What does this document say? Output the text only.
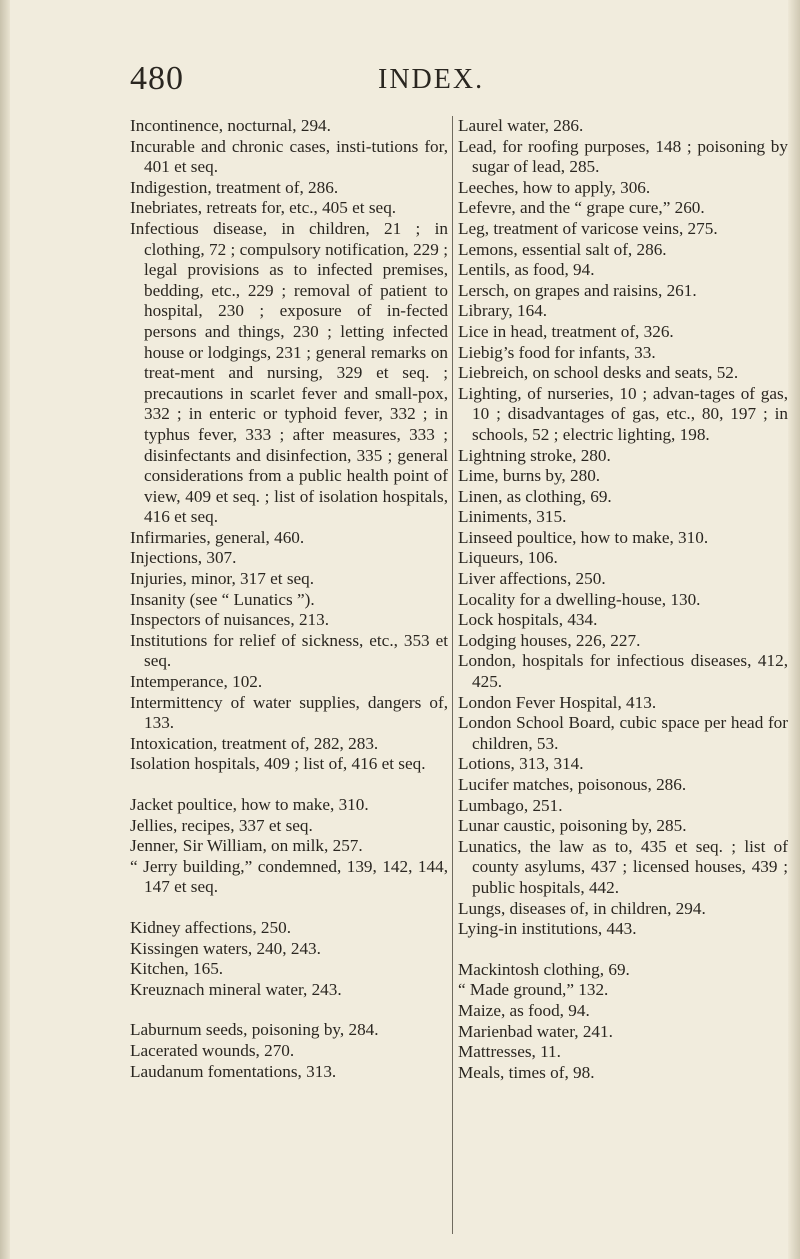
480	INDEX.

Incontinence, nocturnal, 294.

Incurable and chronic cases, insti-tutions for, 401 et seq.

Indigestion, treatment of, 286.

Inebriates, retreats for, etc., 405 et seq.

Infectious disease, in children, 21 ; in clothing, 72 ; compulsory notification, 229 ; legal provisions as to infected premises, bedding, etc., 229 ; removal of patient to hospital, 230 ; exposure of in-fected persons and things, 230 ; letting infected house or lodgings, 231 ; general remarks on treat-ment and nursing, 329 et seq. ; precautions in scarlet fever and small-pox, 332 ; in enteric or typhoid fever, 332 ; in typhus fever, 333 ; after measures, 333 ; disinfectants and disinfection, 335 ; general considerations from a public health point of view, 409 et seq. ; list of isolation hospitals, 416 et seq.

Infirmaries, general, 460.

Injections, 307.

Injuries, minor, 317 et seq.

Insanity (see “ Lunatics ”).

Inspectors of nuisances, 213.

Institutions for relief of sickness, etc., 353 et seq.

Intemperance, 102.

Intermittency of water supplies, dangers of, 133.

Intoxication, treatment of, 282, 283.

Isolation hospitals, 409 ; list of, 416 et seq.

Jacket poultice, how to make, 310.

Jellies, recipes, 337 et seq.

Jenner, Sir William, on milk, 257.

“ Jerry building,” condemned, 139, 142, 144, 147 et seq.

Kidney affections, 250.

Kissingen waters, 240, 243.

Kitchen, 165.

Kreuznach mineral water, 243.

Laburnum seeds, poisoning by, 284.

Lacerated wounds, 270.

Laudanum fomentations, 313.

Laurel water, 286.

Lead, for roofing purposes, 148 ; poisoning by sugar of lead, 285.

Leeches, how to apply, 306.

Lefevre, and the “ grape cure,” 260.

Leg, treatment of varicose veins, 275.

Lemons, essential salt of, 286.

Lentils, as food, 94.

Lersch, on grapes and raisins, 261.

Library, 164.

Lice in head, treatment of, 326.

Liebig’s food for infants, 33.

Liebreich, on school desks and seats, 52.

Lighting, of nurseries, 10 ; advan-tages of gas, 10 ; disadvantages of gas, etc., 80, 197 ; in schools, 52 ; electric lighting, 198.

Lightning stroke, 280.

Lime, burns by, 280.

Linen, as clothing, 69.

Liniments, 315.

Linseed poultice, how to make, 310.

Liqueurs, 106.

Liver affections, 250.

Locality for a dwelling-house, 130.

Lock hospitals, 434.

Lodging houses, 226, 227.

London, hospitals for infectious diseases, 412, 425.

London Fever Hospital, 413.

London School Board, cubic space per head for children, 53.

Lotions, 313, 314.

Lucifer matches, poisonous, 286.

Lumbago, 251.

Lunar caustic, poisoning by, 285.

Lunatics, the law as to, 435 et seq. ; list of county asylums, 437 ; licensed houses, 439 ; public hospitals, 442.

Lungs, diseases of, in children, 294.

Lying-in institutions, 443.

Mackintosh clothing, 69.

“ Made ground,” 132.

Maize, as food, 94.

Marienbad water, 241.

Mattresses, 11.

Meals, times of, 98.
